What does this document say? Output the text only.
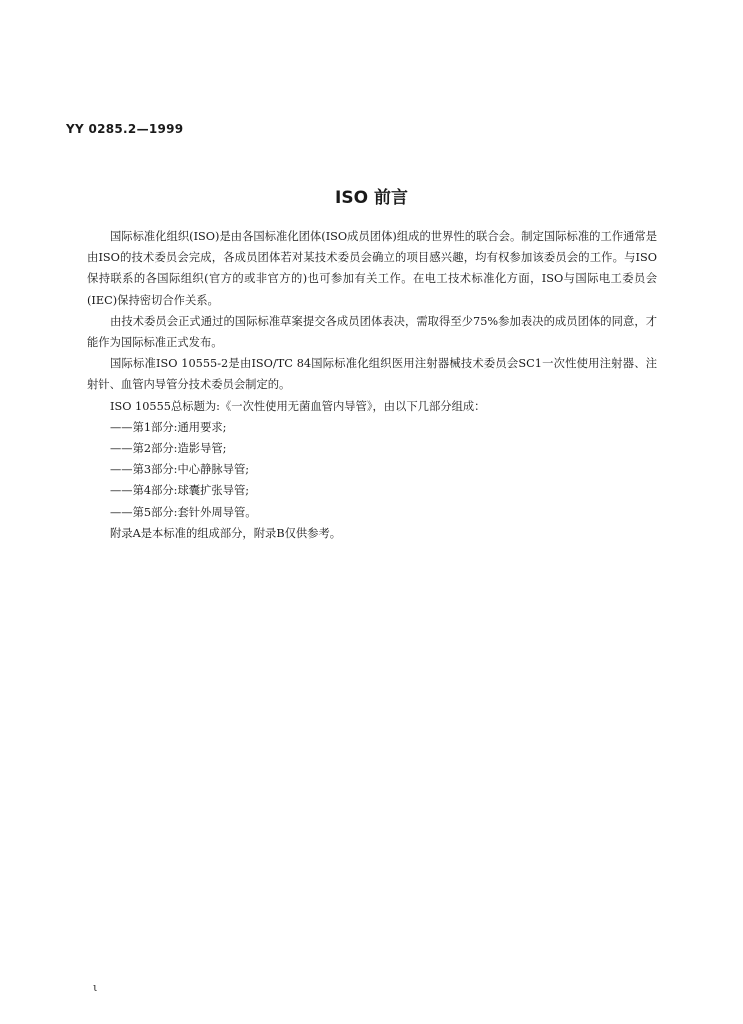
YY 0285.2—1999
ISO 前言

国际标准化组织(ISO)是由各国标准化团体(ISO成员团体)组成的世界性的联合会。制定国际标准的工作通常是由ISO的技术委员会完成，各成员团体若对某技术委员会确立的项目感兴趣，均有权参加该委员会的工作。与ISO保持联系的各国际组织(官方的或非官方的)也可参加有关工作。在电工技术标准化方面，ISO与国际电工委员会(IEC)保持密切合作关系。

由技术委员会正式通过的国际标准草案提交各成员团体表决，需取得至少75%参加表决的成员团体的同意，才能作为国际标准正式发布。

国际标准ISO 10555-2是由ISO/TC 84国际标准化组织医用注射器械技术委员会SC1一次性使用注射器、注射针、血管内导管分技术委员会制定的。

ISO 10555总标题为:《一次性使用无菌血管内导管》，由以下几部分组成：

——第1部分:通用要求;
——第2部分:造影导管;
——第3部分:中心静脉导管;
——第4部分:球囊扩张导管;
——第5部分:套针外周导管。

附录A是本标准的组成部分，附录B仅供参考。

ι
